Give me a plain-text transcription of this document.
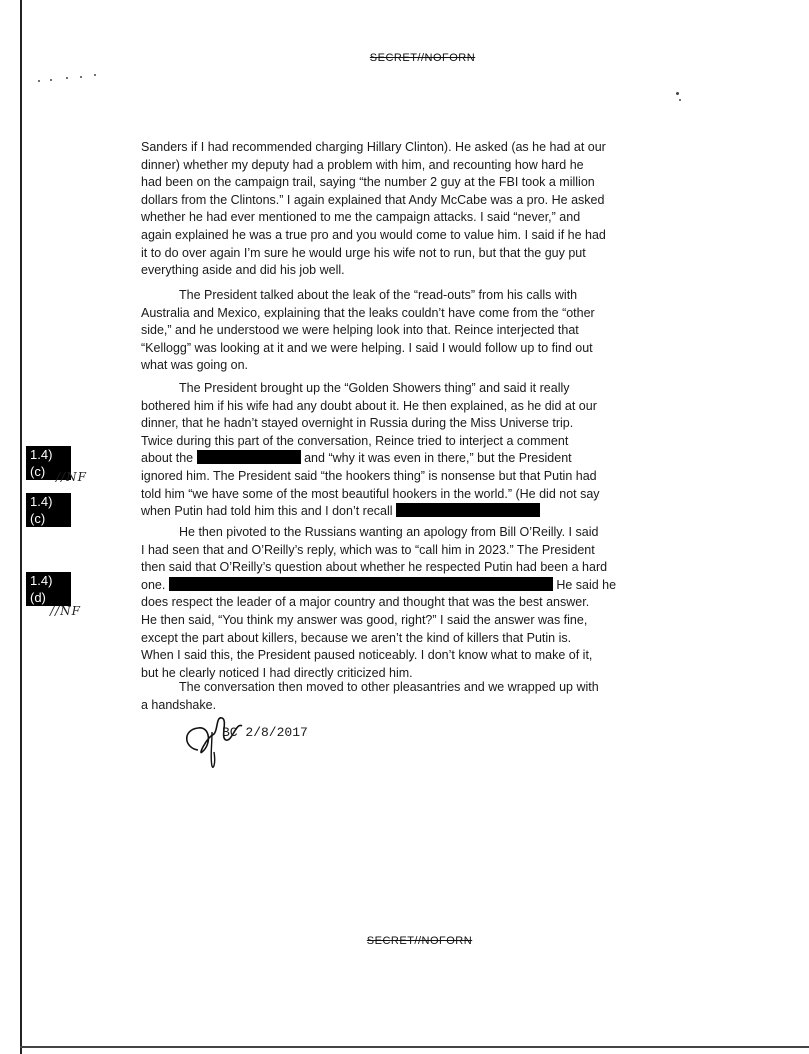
SECRET//NOFORN

Sanders if I had recommended charging Hillary Clinton). He asked (as he had at our

dinner) whether my deputy had a problem with him, and recounting how hard he

had been on the campaign trail, saying “the number 2 guy at the FBI took a million

dollars from the Clintons.” I again explained that Andy McCabe was a pro. He asked

whether he had ever mentioned to me the campaign attacks. I said “never,” and

again explained he was a true pro and you would come to value him. I said if he had

it to do over again I’m sure he would urge his wife not to run, but that the guy put

everything aside and did his job well.

The President talked about the leak of the “read-outs” from his calls with

Australia and Mexico, explaining that the leaks couldn’t have come from the “other

side,” and he understood we were helping look into that. Reince interjected that

“Kellogg” was looking at it and we were helping. I said I would follow up to find out

what was going on.

The President brought up the “Golden Showers thing” and said it really

bothered him if his wife had any doubt about it. He then explained, as he did at our

dinner, that he hadn’t stayed overnight in Russia during the Miss Universe trip.

Twice during this part of the conversation, Reince tried to interject a comment

about the	and “why it was even in there,” but the President

ignored him. The President said “the hookers thing” is nonsense but that Putin had

told him “we have some of the most beautiful hookers in the world.” (He did not say

when Putin had told him this and I don’t recall

He then pivoted to the Russians wanting an apology from Bill O’Reilly. I said

I had seen that and O’Reilly’s reply, which was to “call him in 2023.” The President

then said that O’Reilly’s question about whether he respected Putin had been a hard

one.	He said he

does respect the leader of a major country and thought that was the best answer.

He then said, “You think my answer was good, right?” I said the answer was fine,

except the part about killers, because we aren’t the kind of killers that Putin is.

When I said this, the President paused noticeably. I don’t know what to make of it,

but he clearly noticed I had directly criticized him.

The conversation then moved to other pleasantries and we wrapped up with

a handshake.

1.4)(c)
1.4)(c)
1.4)(d)
//NF
//NF
BC 2/8/2017
SECRET//NOFORN
